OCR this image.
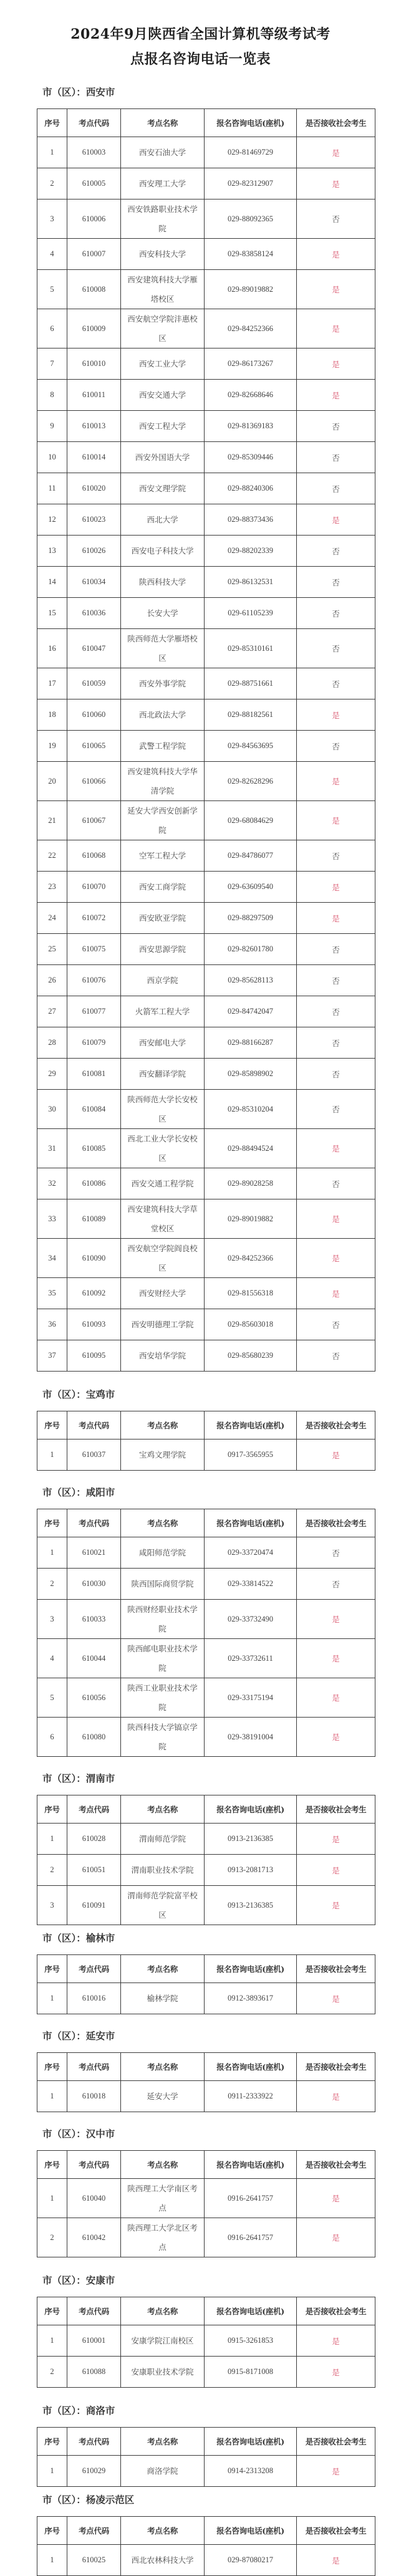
2024年9月陕西省全国计算机等级考试考
点报名咨询电话一览表
市（区）：西安市
序号	考点代码	考点名称	报名咨询电话(座机)	是否接收社会考生
1	610003	西安石油大学	029-81469729	是
2	610005	西安理工大学	029-82312907	是
3	610006	西安铁路职业技术学院	029-88092365	否
4	610007	西安科技大学	029-83858124	是
5	610008	西安建筑科技大学雁塔校区	029-89019882	是
6	610009	西安航空学院沣惠校区	029-84252366	是
7	610010	西安工业大学	029-86173267	是
8	610011	西安交通大学	029-82668646	是
9	610013	西安工程大学	029-81369183	否
10	610014	西安外国语大学	029-85309446	否
11	610020	西安文理学院	029-88240306	否
12	610023	西北大学	029-88373436	是
13	610026	西安电子科技大学	029-88202339	否
14	610034	陕西科技大学	029-86132531	否
15	610036	长安大学	029-61105239	否
16	610047	陕西师范大学雁塔校区	029-85310161	否
17	610059	西安外事学院	029-88751661	否
18	610060	西北政法大学	029-88182561	是
19	610065	武警工程学院	029-84563695	否
20	610066	西安建筑科技大学华清学院	029-82628296	是
21	610067	延安大学西安创新学院	029-68084629	是
22	610068	空军工程大学	029-84786077	否
23	610070	西安工商学院	029-63609540	是
24	610072	西安欧亚学院	029-88297509	是
25	610075	西安思源学院	029-82601780	否
26	610076	西京学院	029-85628113	否
27	610077	火箭军工程大学	029-84742047	否
28	610079	西安邮电大学	029-88166287	否
29	610081	西安翻译学院	029-85898902	否
30	610084	陕西师范大学长安校区	029-85310204	否
31	610085	西北工业大学长安校区	029-88494524	是
32	610086	西安交通工程学院	029-89028258	否
33	610089	西安建筑科技大学草堂校区	029-89019882	是
34	610090	西安航空学院阎良校区	029-84252366	是
35	610092	西安财经大学	029-81556318	是
36	610093	西安明德理工学院	029-85603018	否
37	610095	西安培华学院	029-85680239	否
市（区）：宝鸡市
序号	考点代码	考点名称	报名咨询电话(座机)	是否接收社会考生
1	610037	宝鸡文理学院	0917-3565955	是
市（区）：咸阳市
序号	考点代码	考点名称	报名咨询电话(座机)	是否接收社会考生
1	610021	咸阳师范学院	029-33720474	否
2	610030	陕西国际商贸学院	029-33814522	否
3	610033	陕西财经职业技术学院	029-33732490	是
4	610044	陕西邮电职业技术学院	029-33732611	是
5	610056	陕西工业职业技术学院	029-33175194	是
6	610080	陕西科技大学镐京学院	029-38191004	是
市（区）：渭南市
序号	考点代码	考点名称	报名咨询电话(座机)	是否接收社会考生
1	610028	渭南师范学院	0913-2136385	是
2	610051	渭南职业技术学院	0913-2081713	是
3	610091	渭南师范学院富平校区	0913-2136385	是
市（区）：榆林市
序号	考点代码	考点名称	报名咨询电话(座机)	是否接收社会考生
1	610016	榆林学院	0912-3893617	是
市（区）：延安市
序号	考点代码	考点名称	报名咨询电话(座机)	是否接收社会考生
1	610018	延安大学	0911-2333922	是
市（区）：汉中市
序号	考点代码	考点名称	报名咨询电话(座机)	是否接收社会考生
1	610040	陕西理工大学南区考点	0916-2641757	是
2	610042	陕西理工大学北区考点	0916-2641757	是
市（区）：安康市
序号	考点代码	考点名称	报名咨询电话(座机)	是否接收社会考生
1	610001	安康学院江南校区	0915-3261853	是
2	610088	安康职业技术学院	0915-8171008	是
市（区）：商洛市
序号	考点代码	考点名称	报名咨询电话(座机)	是否接收社会考生
1	610029	商洛学院	0914-2313208	是
市（区）：杨凌示范区
序号	考点代码	考点名称	报名咨询电话(座机)	是否接收社会考生
1	610025	西北农林科技大学	029-87080217	是
